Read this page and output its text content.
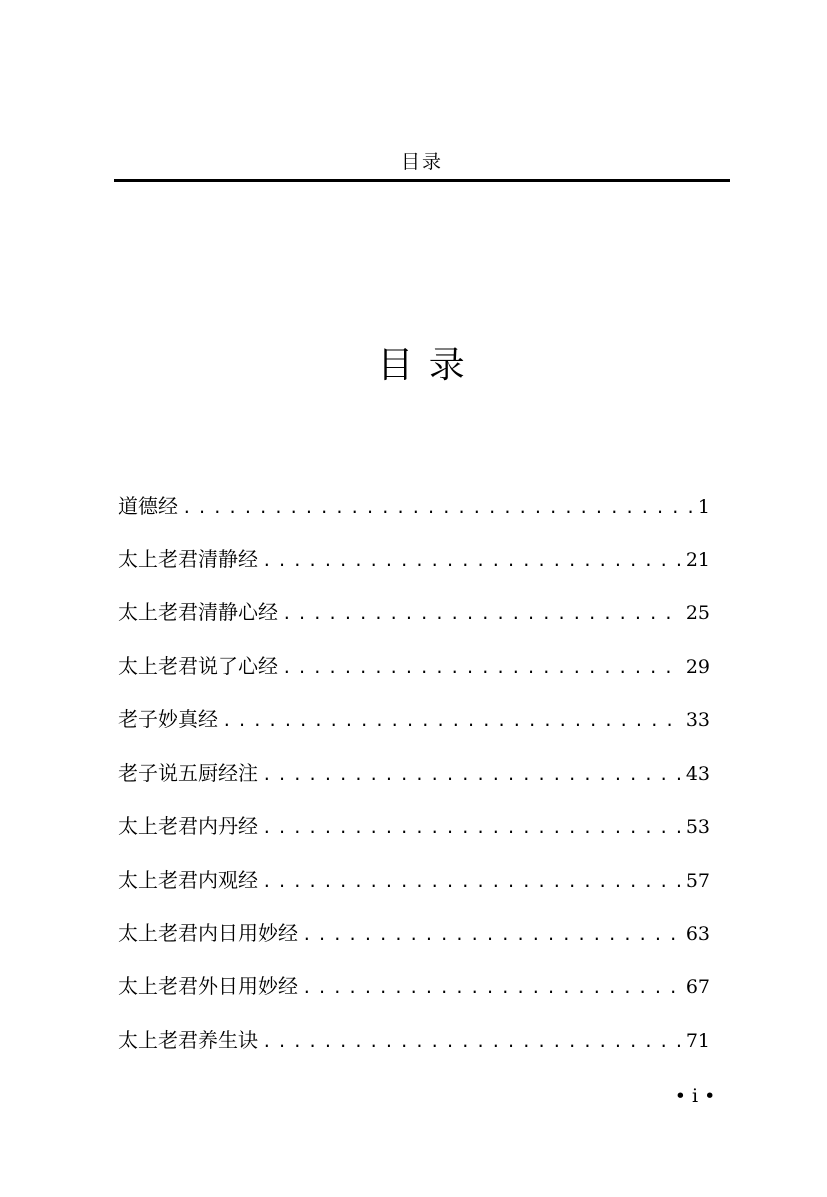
目录
目 录
道德经 . . .	1
太上老君清静经 . . .	21
太上老君清静心经 . . .	25
太上老君说了心经 . . .	29
老子妙真经 . . .	33
老子说五厨经注 . . .	43
太上老君内丹经 . . .	53
太上老君内观经 . . .	57
太上老君内日用妙经 . . .	63
太上老君外日用妙经 . . .	67
太上老君养生诀 . . .	71
• i •
